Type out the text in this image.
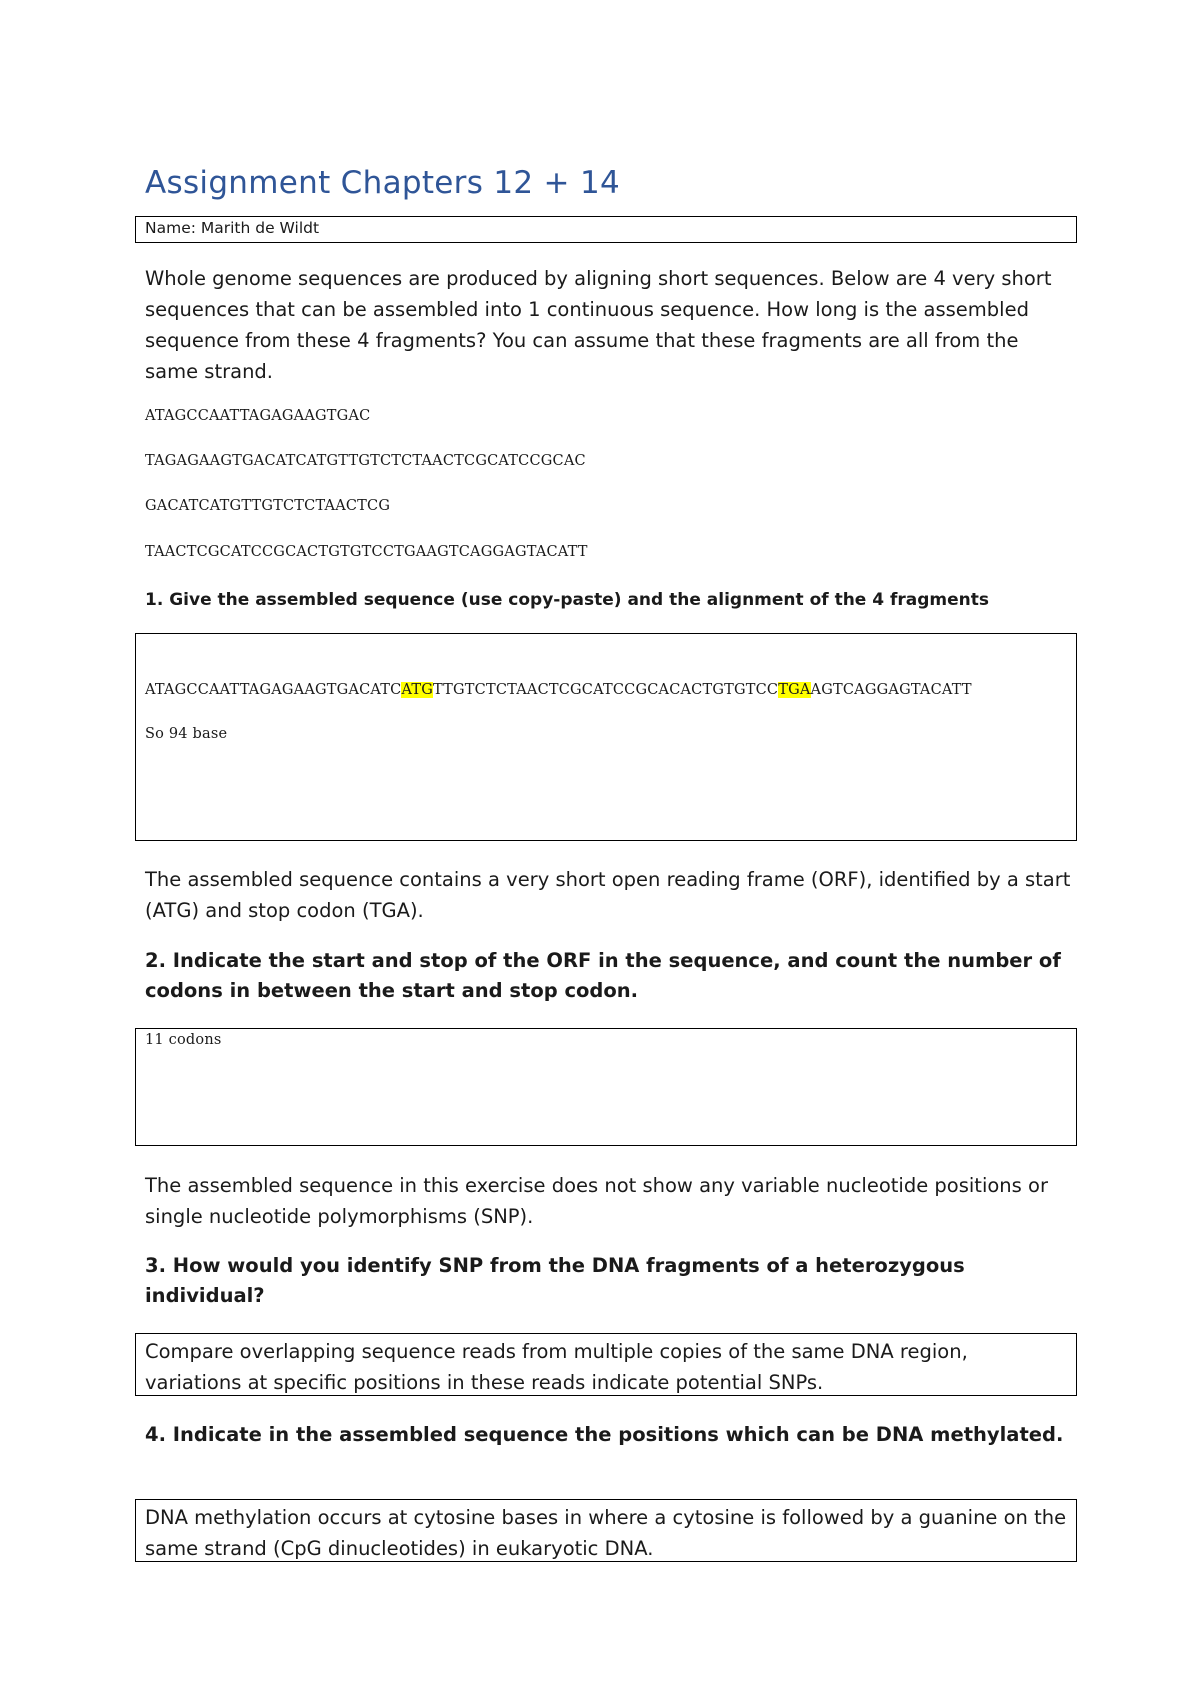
Assignment Chapters 12 + 14
Name: Marith de Wildt
Whole genome sequences are produced by aligning short sequences. Below are 4 very short sequences that can be assembled into 1 continuous sequence. How long is the assembled sequence from these 4 fragments? You can assume that these fragments are all from the same strand.
ATAGCCAATTAGAGAAGTGAC
TAGAGAAGTGACATCATGTTGTCTCTAACTCGCATCCGCAC
GACATCATGTTGTCTCTAACTCG
TAACTCGCATCCGCACTGTGTCCTGAAGTCAGGAGTACATT
1. Give the assembled sequence (use copy-paste) and the alignment of the 4 fragments
ATAGCCAATTAGAGAAGTGACATCATGTTGTCTCTAACTCGCATCCGCACACTGTGTCCTGAAGTCAGGAGTACATT
So 94 base
The assembled sequence contains a very short open reading frame (ORF), identified by a start (ATG) and stop codon (TGA).
2. Indicate the start and stop of the ORF in the sequence, and count the number of codons in between the start and stop codon.
11 codons
The assembled sequence in this exercise does not show any variable nucleotide positions or single nucleotide polymorphisms (SNP).
3. How would you identify SNP from the DNA fragments of a heterozygous individual?
Compare overlapping sequence reads from multiple copies of the same DNA region, variations at specific positions in these reads indicate potential SNPs.
4. Indicate in the assembled sequence the positions which can be DNA methylated.
DNA methylation occurs at cytosine bases in where a cytosine is followed by a guanine on the same strand (CpG dinucleotides) in eukaryotic DNA.
